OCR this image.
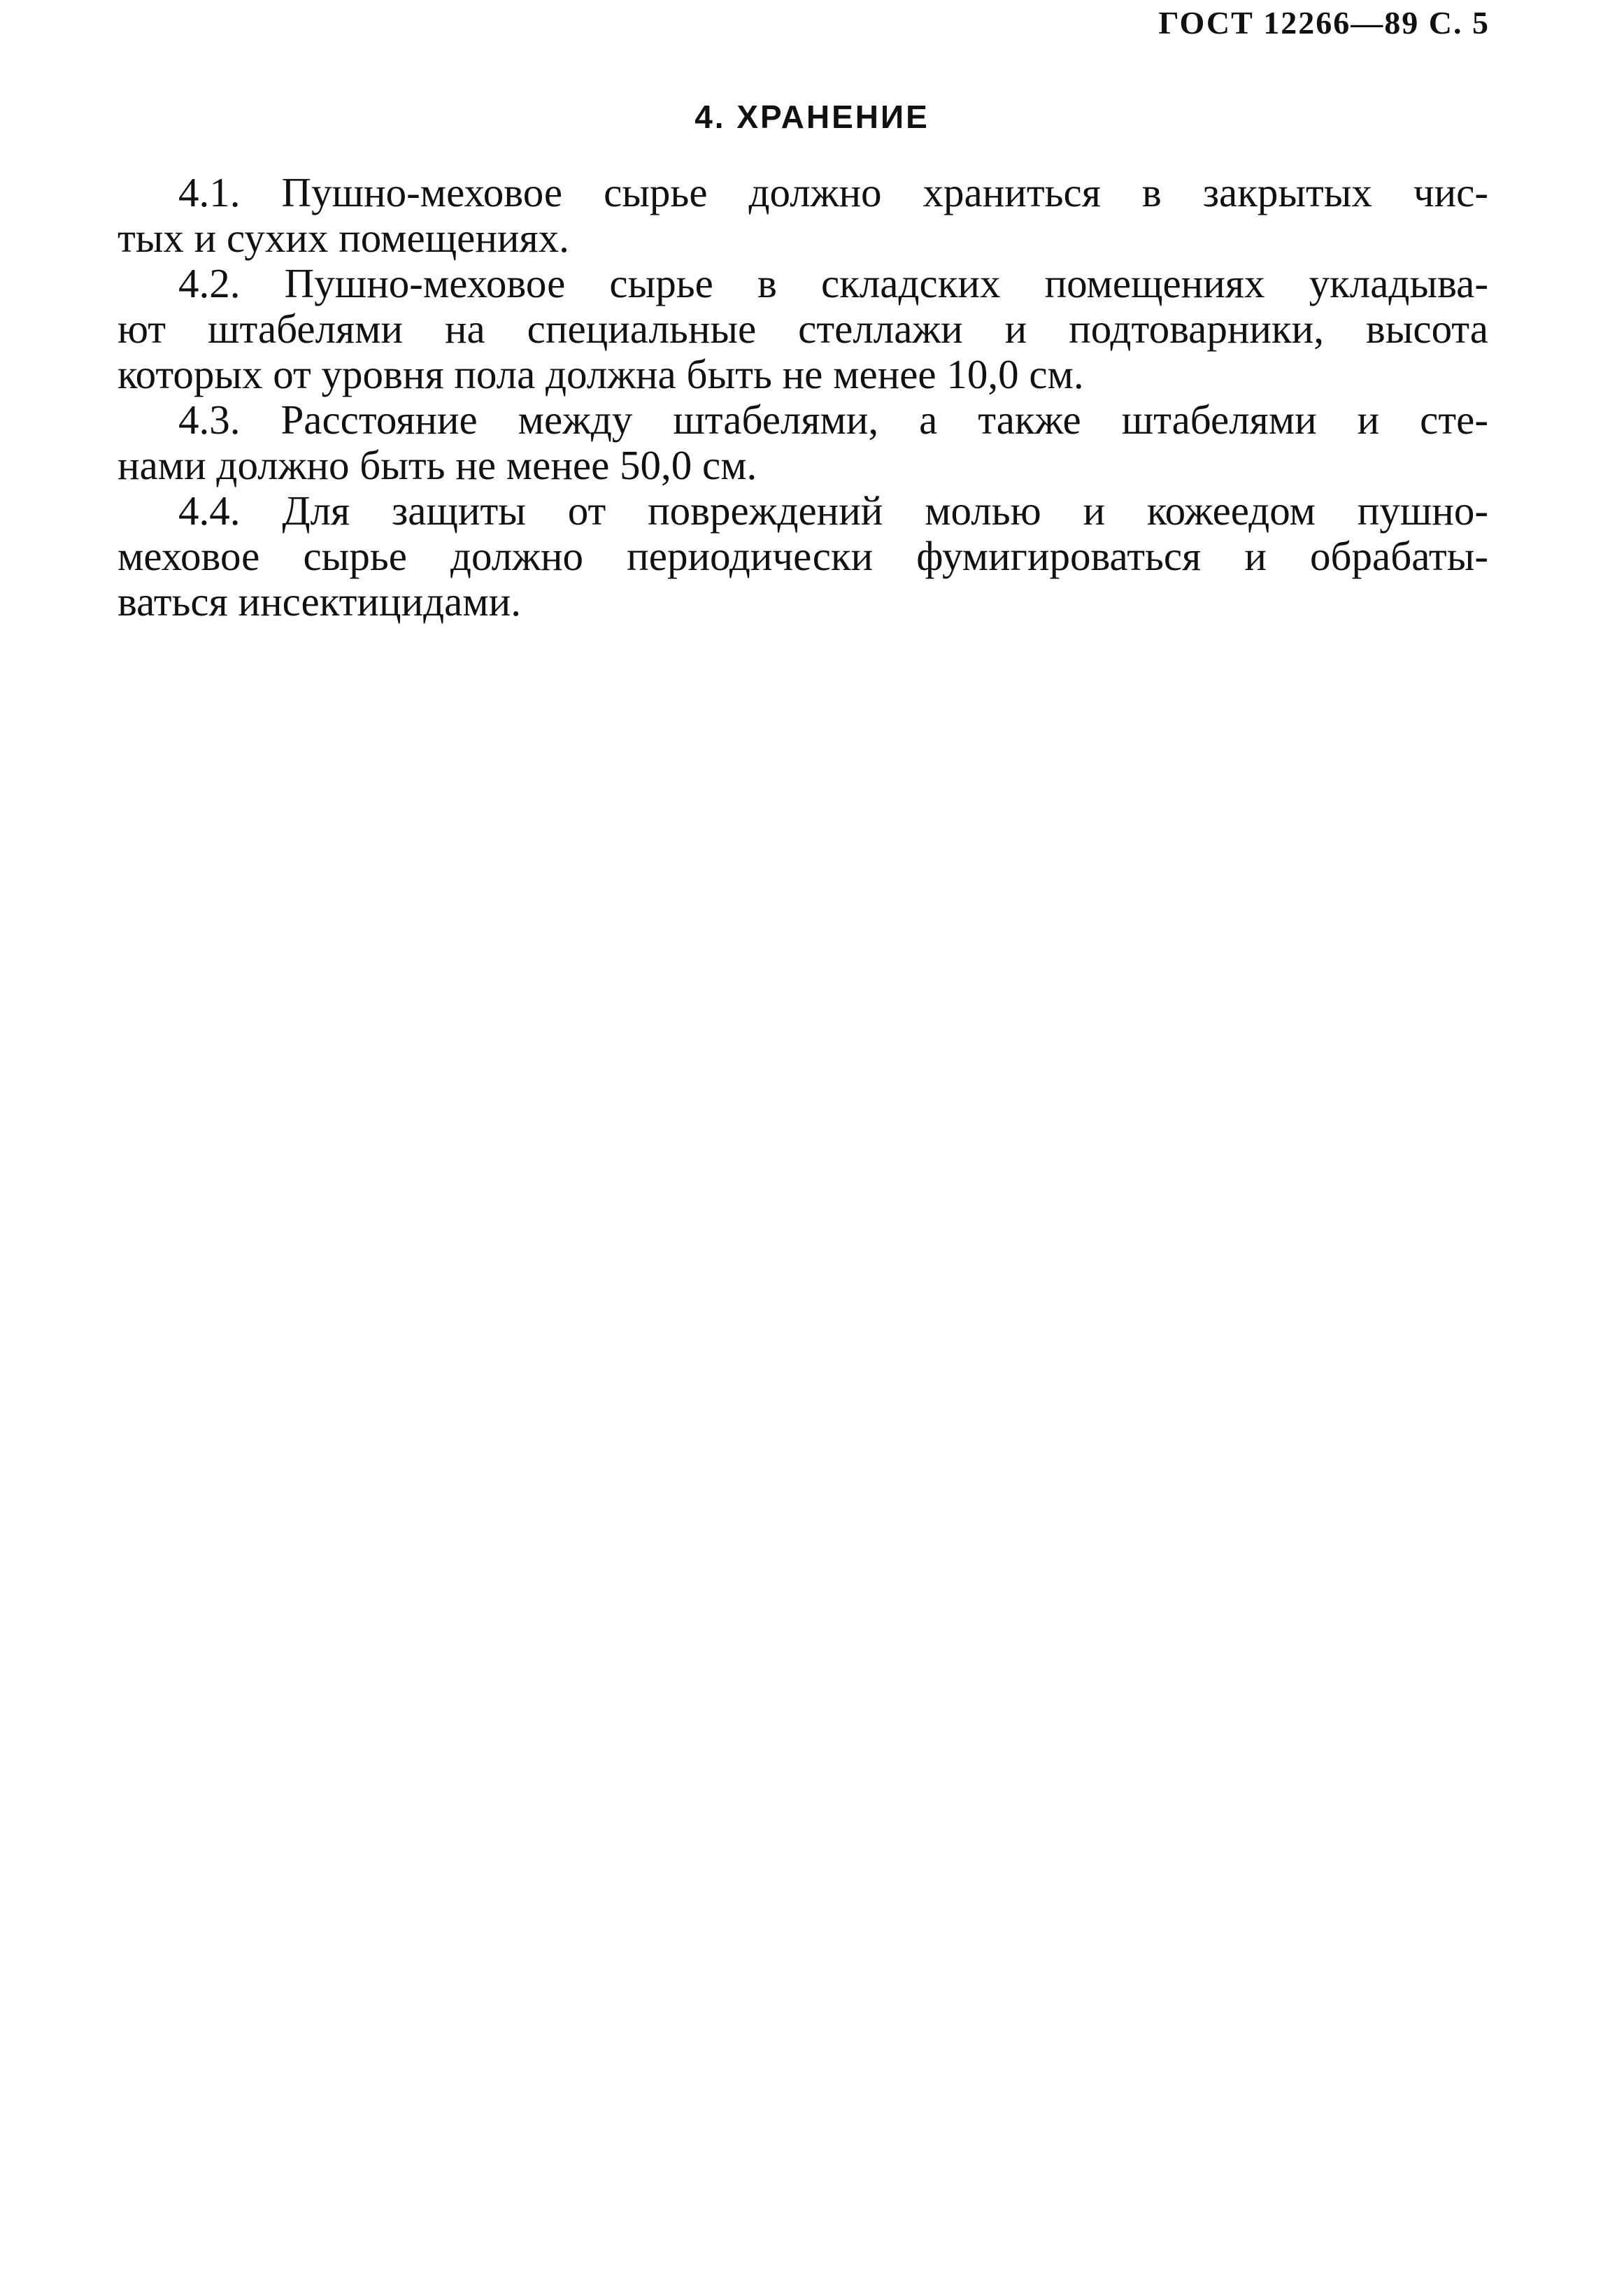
ГОСТ 12266—89 С. 5
4. ХРАНЕНИЕ
4.1. Пушно-меховое сырье должно храниться в закрытых чис-
тых и сухих помещениях.
4.2. Пушно-меховое сырье в складских помещениях укладыва-
ют штабелями на специальные стеллажи и подтоварники, высота
которых от уровня пола должна быть не менее 10,0 см.
4.3. Расстояние между штабелями, а также штабелями и сте-
нами должно быть не менее 50,0 см.
4.4. Для защиты от повреждений молью и кожеедом пушно-
меховое сырье должно периодически фумигироваться и обрабаты-
ваться инсектицидами.
